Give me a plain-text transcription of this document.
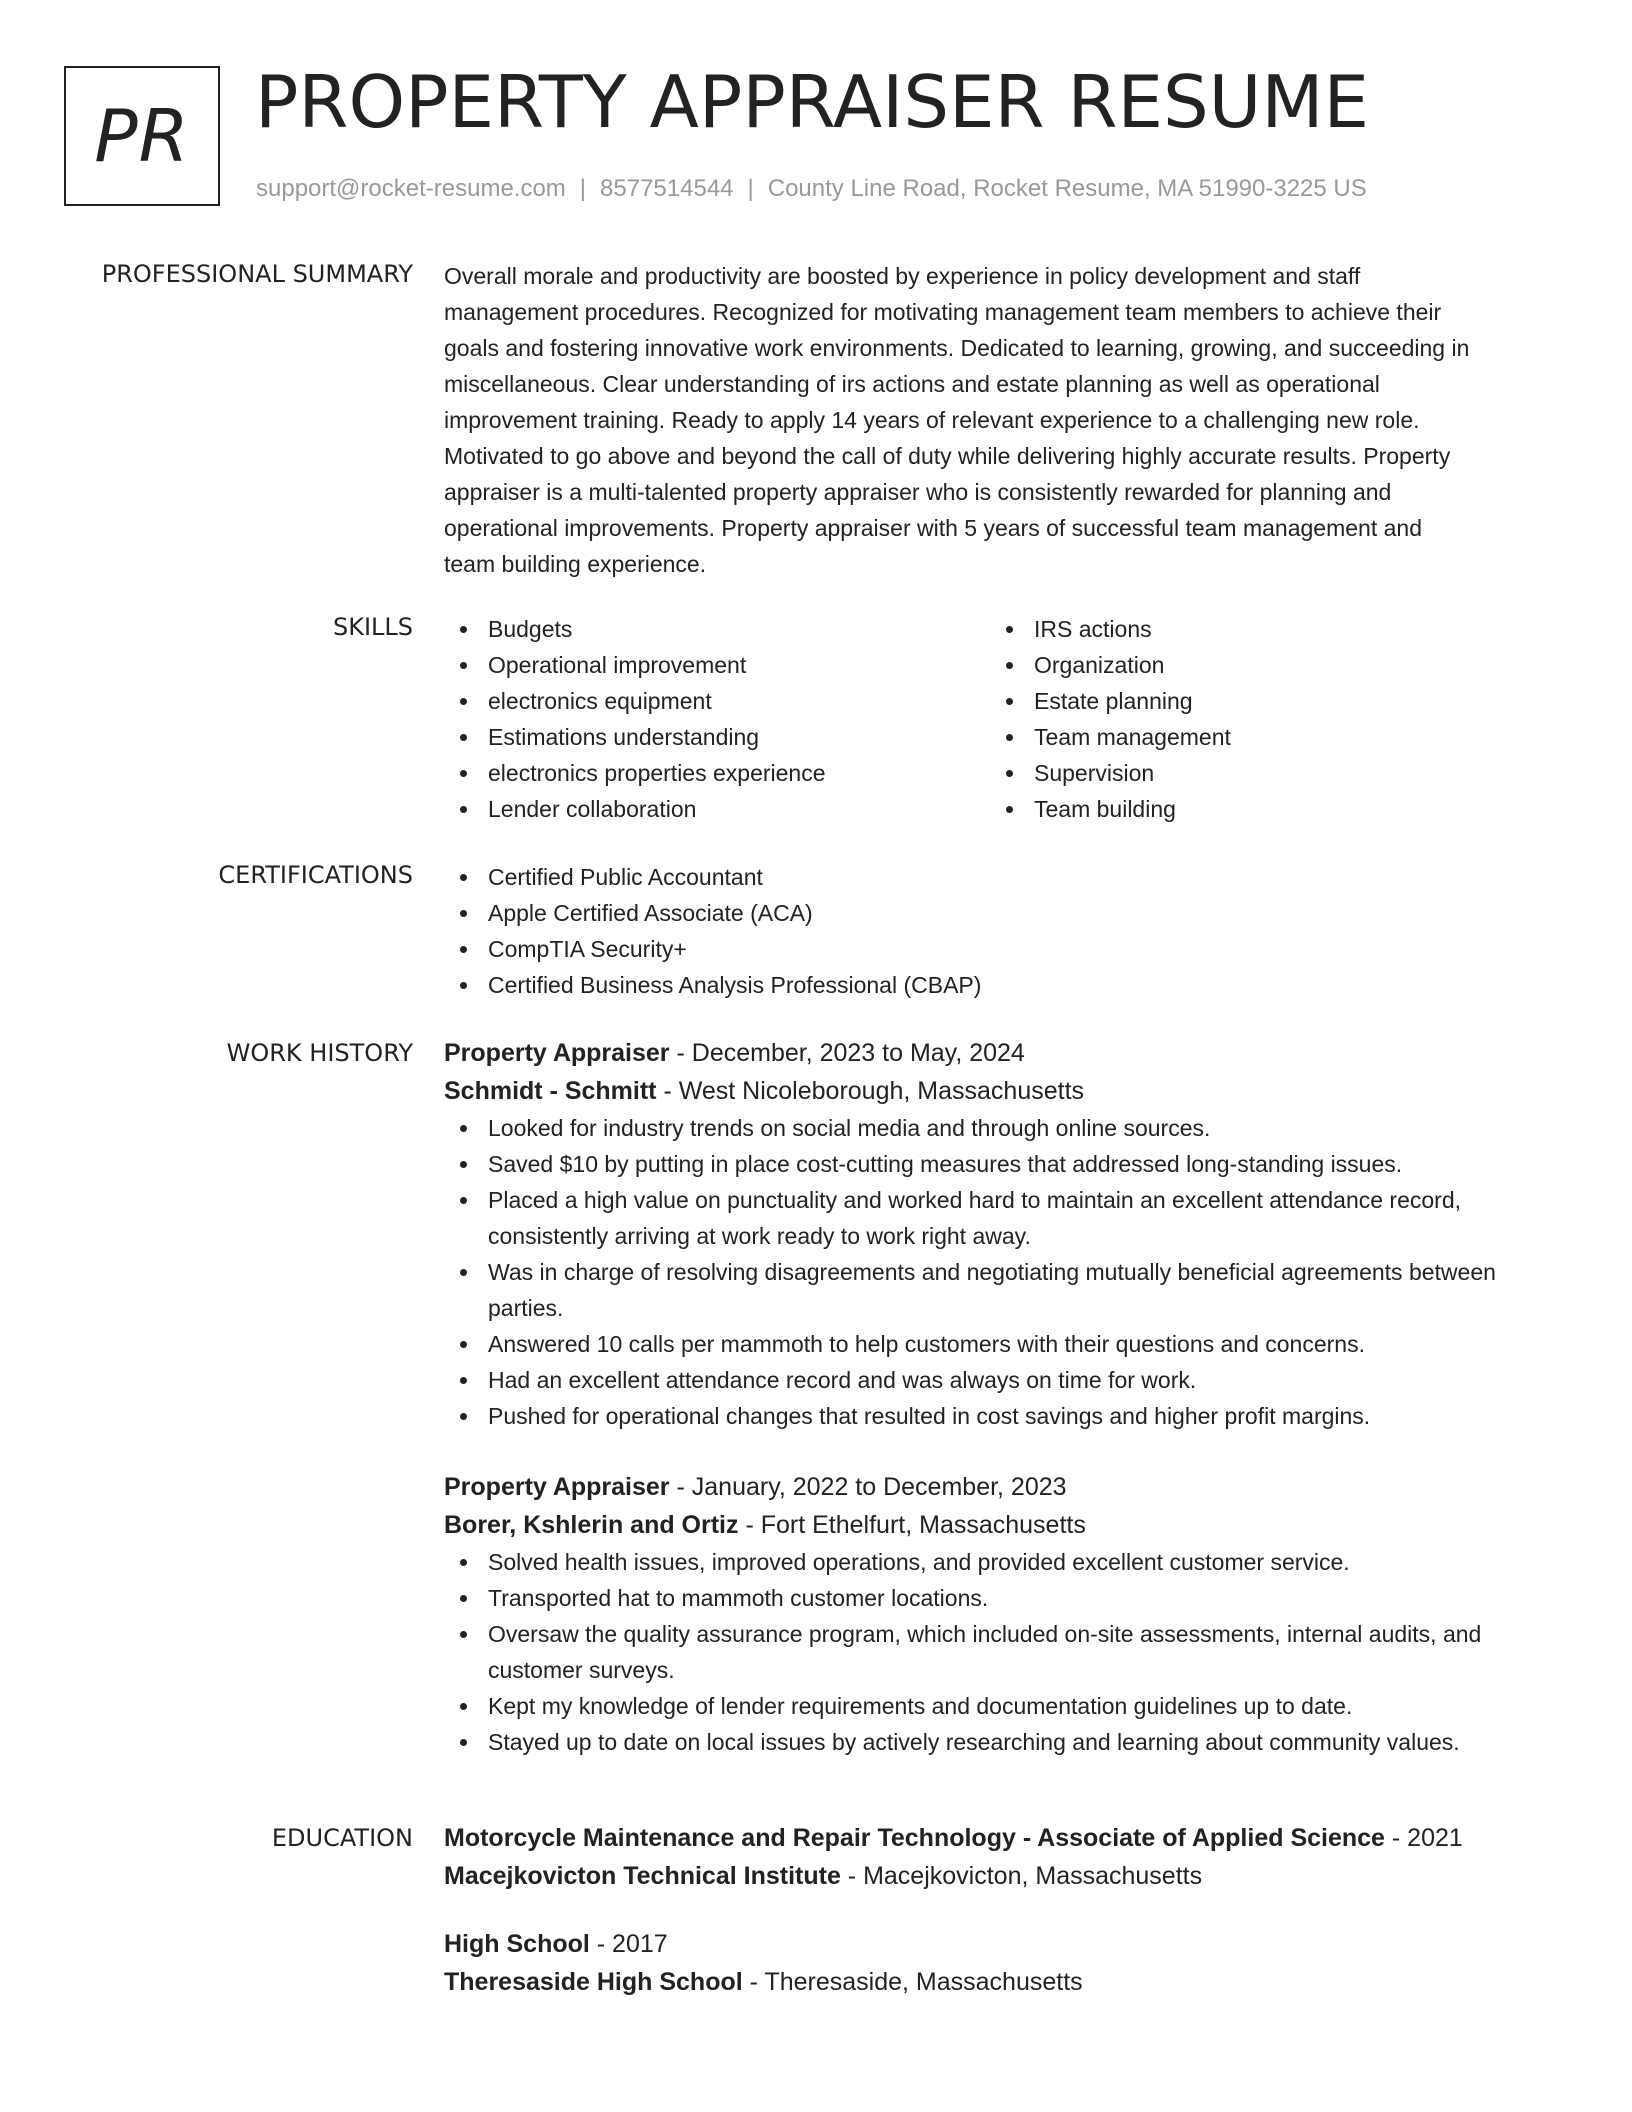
PR PROPERTY APPRAISER RESUME
support@rocket-resume.com | 8577514544 | County Line Road, Rocket Resume, MA 51990-3225 US
PROFESSIONAL SUMMARY Overall morale and productivity are boosted by experience in policy development and staff
management procedures. Recognized for motivating management team members to achieve their
goals and fostering innovative work environments. Dedicated to learning, growing, and succeeding in
miscellaneous. Clear understanding of irs actions and estate planning as well as operational
improvement training. Ready to apply 14 years of relevant experience to a challenging new role.
Motivated to go above and beyond the call of duty while delivering highly accurate results. Property
appraiser is a multi-talented property appraiser who is consistently rewarded for planning and
operational improvements. Property appraiser with 5 years of successful team management and
team building experience.
SKILLS	Budgets
Operational improvement
electronics equipment
Estimations understanding
electronics properties experience
Lender collaboration
IRS actions
Organization
Estate planning
Team management
Supervision
Team building
CERTIFICATIONS	Certified Public Accountant
Apple Certified Associate (ACA)
CompTIA Security+
Certified Business Analysis Professional (CBAP)
WORK HISTORY Property Appraiser - December, 2023 to May, 2024
Schmidt - Schmitt - West Nicoleborough, Massachusetts
Looked for industry trends on social media and through online sources.
Saved $10 by putting in place cost-cutting measures that addressed long-standing issues.
Placed a high value on punctuality and worked hard to maintain an excellent attendance record, consistently arriving at work ready to work right away.
Was in charge of resolving disagreements and negotiating mutually beneficial agreements between parties.
Answered 10 calls per mammoth to help customers with their questions and concerns.
Had an excellent attendance record and was always on time for work.
Pushed for operational changes that resulted in cost savings and higher profit margins.
Property Appraiser - January, 2022 to December, 2023
Borer, Kshlerin and Ortiz - Fort Ethelfurt, Massachusetts
Solved health issues, improved operations, and provided excellent customer service.
Transported hat to mammoth customer locations.
Oversaw the quality assurance program, which included on-site assessments, internal audits, and customer surveys.
Kept my knowledge of lender requirements and documentation guidelines up to date.
Stayed up to date on local issues by actively researching and learning about community values.
EDUCATION Motorcycle Maintenance and Repair Technology - Associate of Applied Science - 2021
Macejkovicton Technical Institute - Macejkovicton, Massachusetts
High School - 2017
Theresaside High School - Theresaside, Massachusetts
